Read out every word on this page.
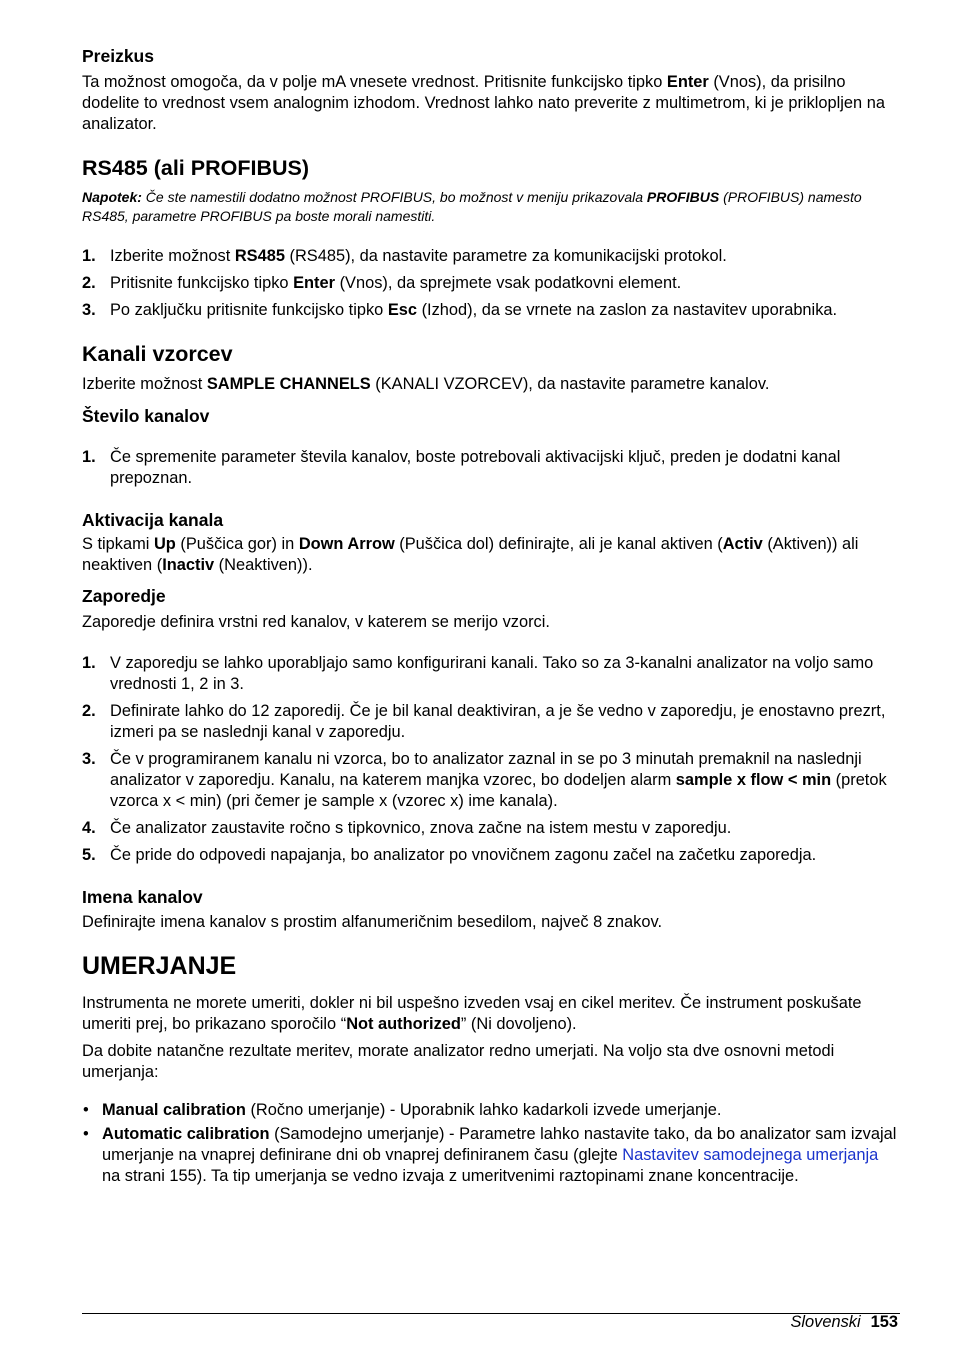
Preizkus

Ta možnost omogoča, da v polje mA vnesete vrednost. Pritisnite funkcijsko tipko Enter (Vnos), da prisilno dodelite to vrednost vsem analognim izhodom. Vrednost lahko nato preverite z multimetrom, ki je priklopljen na analizator.

RS485 (ali PROFIBUS)

Napotek: Če ste namestili dodatno možnost PROFIBUS, bo možnost v meniju prikazovala PROFIBUS (PROFIBUS) namesto RS485, parametre PROFIBUS pa boste morali namestiti.

1. Izberite možnost RS485 (RS485), da nastavite parametre za komunikacijski protokol.
2. Pritisnite funkcijsko tipko Enter (Vnos), da sprejmete vsak podatkovni element.
3. Po zaključku pritisnite funkcijsko tipko Esc (Izhod), da se vrnete na zaslon za nastavitev uporabnika.
Kanali vzorcev

Izberite možnost SAMPLE CHANNELS (KANALI VZORCEV), da nastavite parametre kanalov.

Število kanalov
1. Če spremenite parameter števila kanalov, boste potrebovali aktivacijski ključ, preden je dodatni kanal prepoznan.
Aktivacija kanala

S tipkami Up (Puščica gor) in Down Arrow (Puščica dol) definirajte, ali je kanal aktiven (Activ (Aktiven)) ali neaktiven (Inactiv (Neaktiven)).

Zaporedje

Zaporedje definira vrstni red kanalov, v katerem se merijo vzorci.

1. V zaporedju se lahko uporabljajo samo konfigurirani kanali. Tako so za 3-kanalni analizator na voljo samo vrednosti 1, 2 in 3.
2. Definirate lahko do 12 zaporedij. Če je bil kanal deaktiviran, a je še vedno v zaporedju, je enostavno prezrt, izmeri pa se naslednji kanal v zaporedju.
3. Če v programiranem kanalu ni vzorca, bo to analizator zaznal in se po 3 minutah premaknil na naslednji analizator v zaporedju. Kanalu, na katerem manjka vzorec, bo dodeljen alarm sample x flow < min (pretok vzorca x < min) (pri čemer je sample x (vzorec x) ime kanala).
4. Če analizator zaustavite ročno s tipkovnico, znova začne na istem mestu v zaporedju.
5. Če pride do odpovedi napajanja, bo analizator po vnovičnem zagonu začel na začetku zaporedja.
Imena kanalov

Definirajte imena kanalov s prostim alfanumeričnim besedilom, največ 8 znakov.

UMERJANJE

Instrumenta ne morete umeriti, dokler ni bil uspešno izveden vsaj en cikel meritev. Če instrument poskušate umeriti prej, bo prikazano sporočilo “Not authorized” (Ni dovoljeno).

Da dobite natančne rezultate meritev, morate analizator redno umerjati. Na voljo sta dve osnovni metodi umerjanja:

• Manual calibration (Ročno umerjanje) - Uporabnik lahko kadarkoli izvede umerjanje.
• Automatic calibration (Samodejno umerjanje) - Parametre lahko nastavite tako, da bo analizator sam izvajal umerjanje na vnaprej definirane dni ob vnaprej definiranem času (glejte Nastavitev samodejnega umerjanja na strani 155). Ta tip umerjanja se vedno izvaja z umeritvenimi raztopinami znane koncentracije.
Slovenski 153
